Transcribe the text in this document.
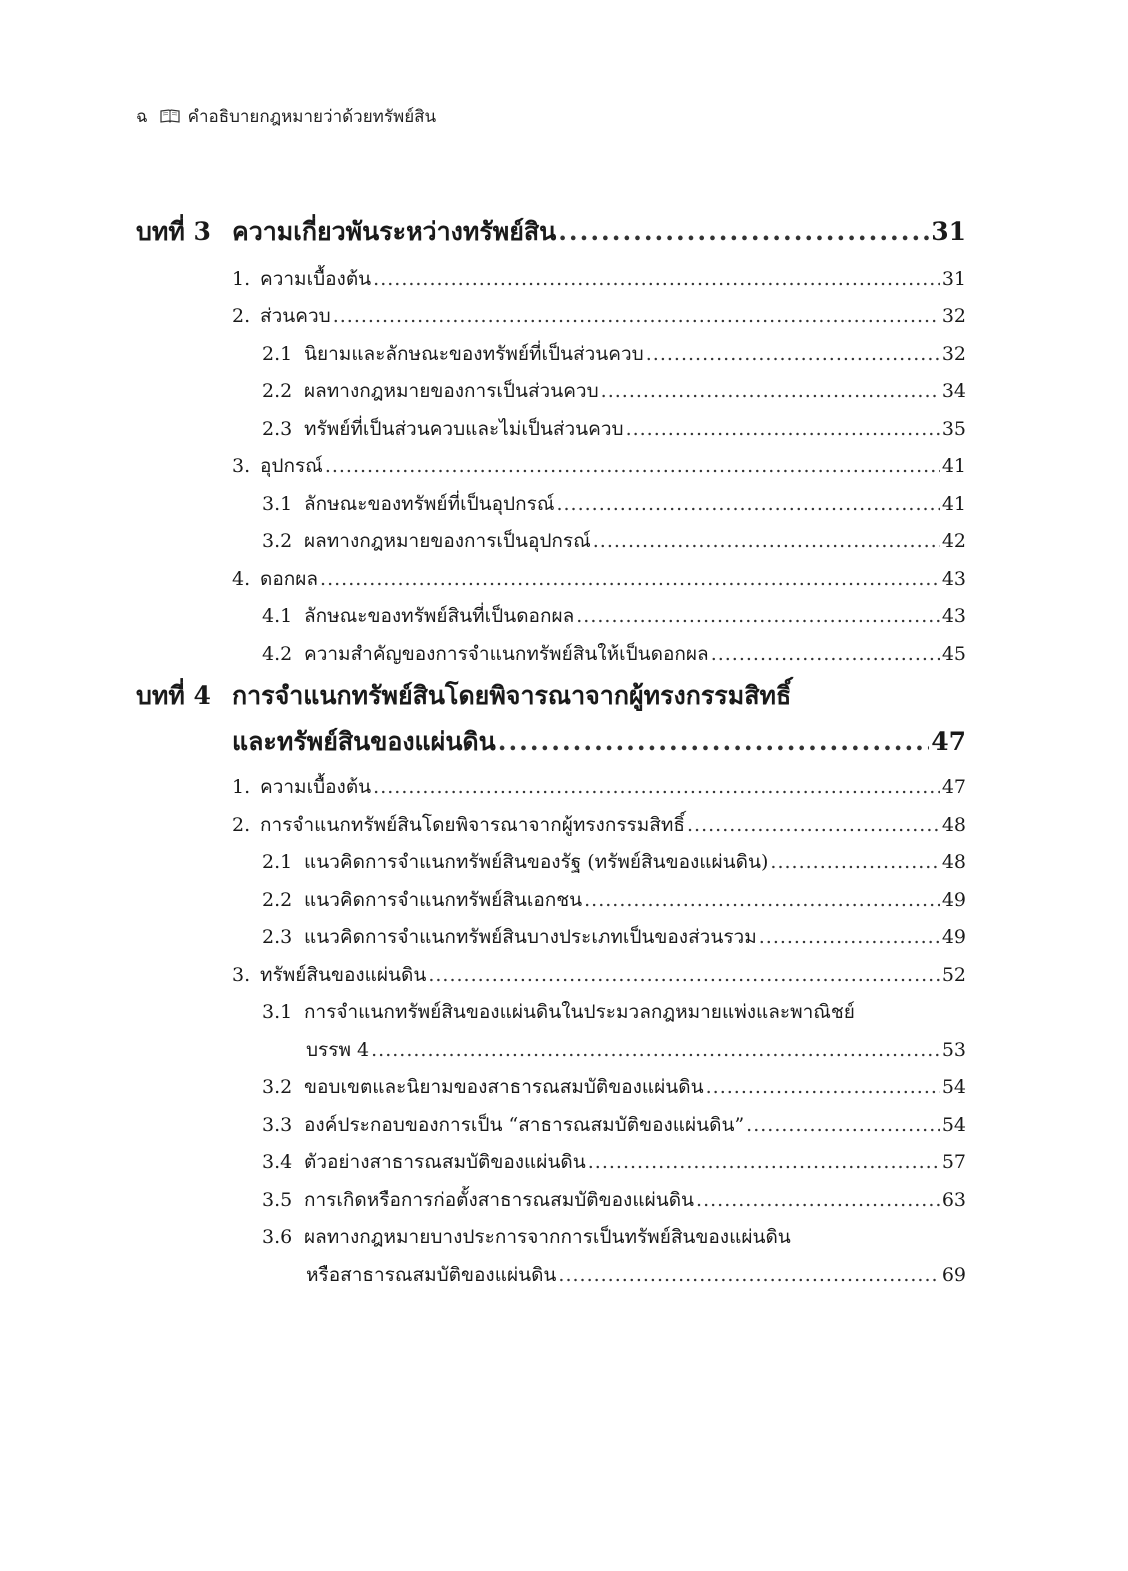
ฉ คำอธิบายกฎหมายว่าด้วยทรัพย์สิน
บทที่ 3 ความเกี่ยวพันระหว่างทรัพย์สิน .....	31
1. ความเบื้องต้น .....	31
2. ส่วนควบ .....	32
2.1 นิยามและลักษณะของทรัพย์ที่เป็นส่วนควบ .....	32
2.2 ผลทางกฎหมายของการเป็นส่วนควบ .....	34
2.3 ทรัพย์ที่เป็นส่วนควบและไม่เป็นส่วนควบ .....	35
3. อุปกรณ์ .....	41
3.1 ลักษณะของทรัพย์ที่เป็นอุปกรณ์ .....	41
3.2 ผลทางกฎหมายของการเป็นอุปกรณ์ .....	42
4. ดอกผล .....	43
4.1 ลักษณะของทรัพย์สินที่เป็นดอกผล .....	43
4.2 ความสำคัญของการจำแนกทรัพย์สินให้เป็นดอกผล .....	45
บทที่ 4 การจำแนกทรัพย์สินโดยพิจารณาจากผู้ทรงกรรมสิทธิ์
และทรัพย์สินของแผ่นดิน .....	47
1. ความเบื้องต้น .....	47
2. การจำแนกทรัพย์สินโดยพิจารณาจากผู้ทรงกรรมสิทธิ์ .....	48
2.1 แนวคิดการจำแนกทรัพย์สินของรัฐ (ทรัพย์สินของแผ่นดิน) .....	48
2.2 แนวคิดการจำแนกทรัพย์สินเอกชน .....	49
2.3 แนวคิดการจำแนกทรัพย์สินบางประเภทเป็นของส่วนรวม .....	49
3. ทรัพย์สินของแผ่นดิน .....	52
3.1 การจำแนกทรัพย์สินของแผ่นดินในประมวลกฎหมายแพ่งและพาณิชย์
บรรพ 4 .....	53
3.2 ขอบเขตและนิยามของสาธารณสมบัติของแผ่นดิน .....	54
3.3 องค์ประกอบของการเป็น “สาธารณสมบัติของแผ่นดิน” .....	54
3.4 ตัวอย่างสาธารณสมบัติของแผ่นดิน .....	57
3.5 การเกิดหรือการก่อตั้งสาธารณสมบัติของแผ่นดิน .....	63
3.6 ผลทางกฎหมายบางประการจากการเป็นทรัพย์สินของแผ่นดิน
หรือสาธารณสมบัติของแผ่นดิน .....	69
